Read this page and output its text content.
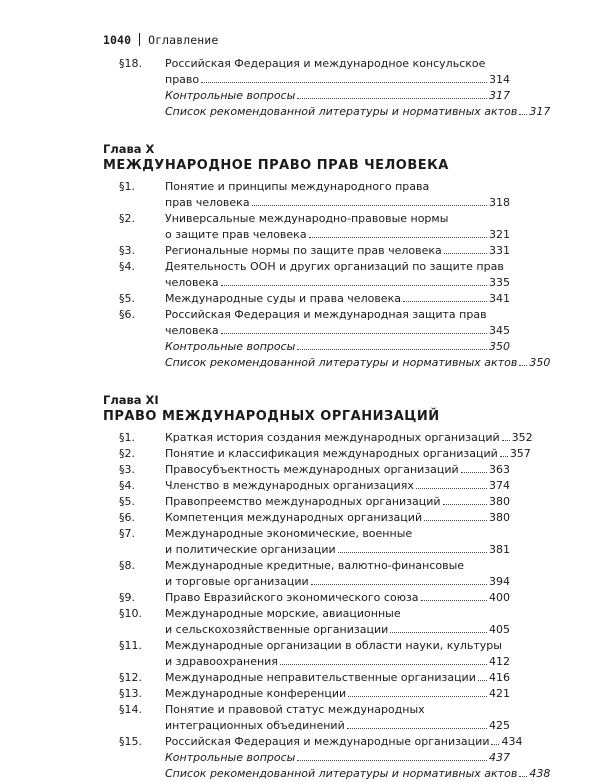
1040 Оглавление
§18.	Российская Федерация и международное консульское
право	314
Контрольные вопросы	317
Список рекомендованной литературы и нормативных актов 317
Глава X
МЕЖДУНАРОДНОЕ ПРАВО ПРАВ ЧЕЛОВЕКА
§1.	Понятие и принципы международного права
прав человека	318
§2.	Универсальные международно-правовые нормы
о защите прав человека	321
§3.	Региональные нормы по защите прав человека	331
§4.	Деятельность ООН и других организаций по защите прав
человека	335
§5.	Международные суды и права человека	341
§6.	Российская Федерация и международная защита прав
человека	345
Контрольные вопросы	350
Список рекомендованной литературы и нормативных актов 350
Глава XI
ПРАВО МЕЖДУНАРОДНЫХ ОРГАНИЗАЦИЙ
§1.	Краткая история создания международных организаций 352
§2.	Понятие и классификация международных организаций 357
§3.	Правосубъектность международных организаций	363
§4.	Членство в международных организациях	374
§5.	Правопреемство международных организаций	380
§6.	Компетенция международных организаций	380
§7.	Международные экономические, военные
и политические организации	381
§8.	Международные кредитные, валютно-финансовые
и торговые организации	394
§9.	Право Евразийского экономического союза	400
§10.	Международные морские, авиационные
и сельскохозяйственные организации	405
§11.	Международные организации в области науки, культуры
и здравоохранения	412
§12.	Международные неправительственные организации 416
§13.	Международные конференции	421
§14.	Понятие и правовой статус международных
интеграционных объединений	425
§15.	Российская Федерация и международные организации 434
Контрольные вопросы	437
Список рекомендованной литературы и нормативных актов 438
